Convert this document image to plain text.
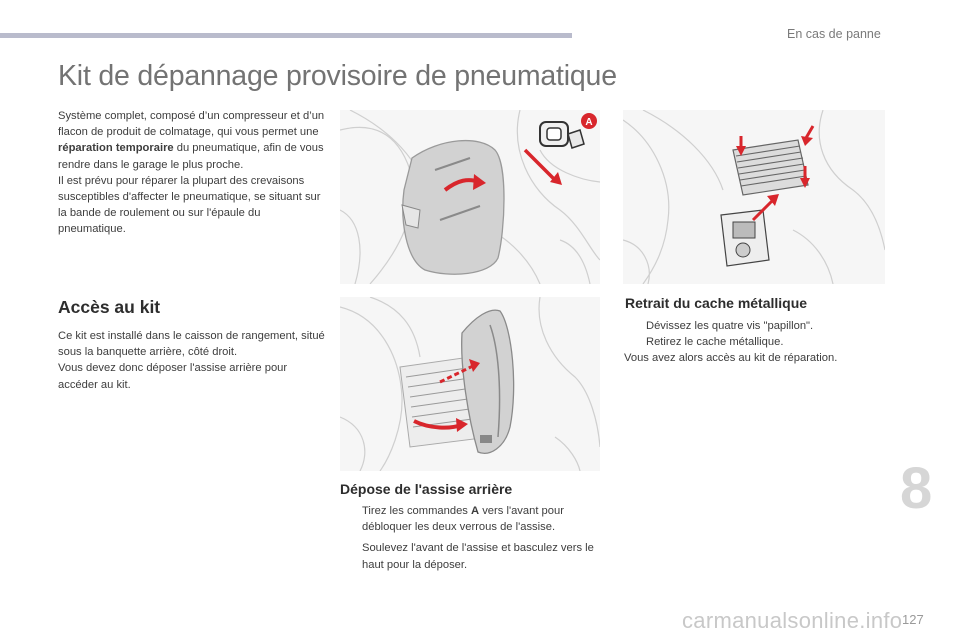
En cas de panne
Kit de dépannage provisoire de pneumatique
Système complet, composé d’un compresseur et d’un flacon de produit de colmatage, qui vous permet une réparation temporaire du pneumatique, afin de vous rendre dans le garage le plus proche.
Il est prévu pour réparer la plupart des crevaisons susceptibles d'affecter le pneumatique, se situant sur la bande de roulement ou sur l'épaule du pneumatique.
Accès au kit
Ce kit est installé dans le caisson de rangement, situé sous la banquette arrière, côté droit.
Vous devez donc déposer l'assise arrière pour accéder au kit.
A
Retrait du cache métallique
Dévissez les quatre vis "papillon".
Retirez le cache métallique.
Vous avez alors accès au kit de réparation.
Dépose de l'assise arrière
Tirez les commandes A vers l'avant pour débloquer les deux verrous de l'assise.
Soulevez l'avant de l'assise et basculez vers le haut pour la déposer.
8
carmanualsonline.info 127
